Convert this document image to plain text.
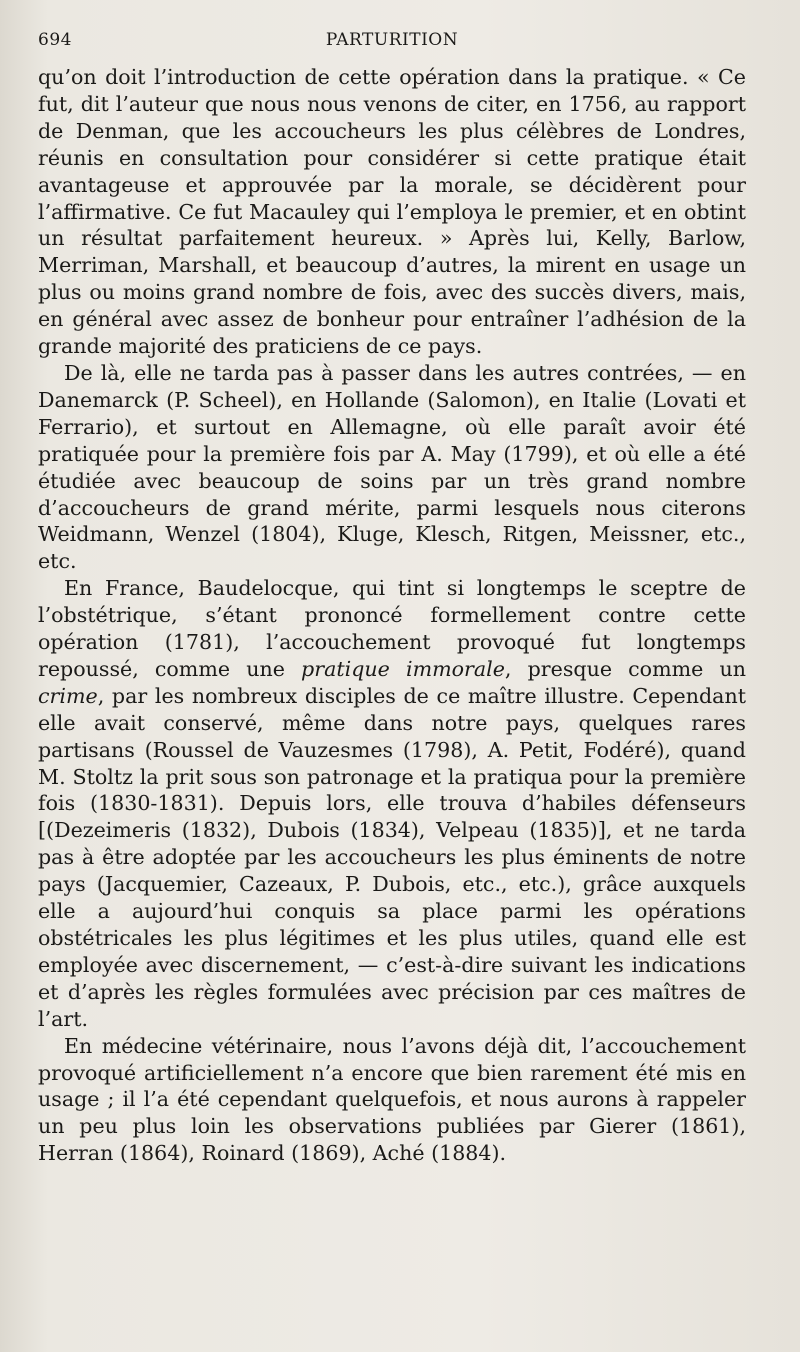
694	PARTURITION

qu’on doit l’introduction de cette opération dans la pratique. « Ce fut, dit l’auteur que nous nous venons de citer, en 1756, au rapport de Denman, que les accoucheurs les plus célèbres de Londres, réunis en consultation pour considérer si cette pratique était avantageuse et approuvée par la morale, se décidèrent pour l’affirmative. Ce fut Macauley qui l’employa le premier, et en obtint un résultat parfaitement heureux. » Après lui, Kelly, Barlow, Merriman, Marshall, et beaucoup d’autres, la mirent en usage un plus ou moins grand nombre de fois, avec des succès divers, mais, en général avec assez de bonheur pour entraîner l’adhésion de la grande majorité des praticiens de ce pays.

De là, elle ne tarda pas à passer dans les autres contrées, — en Danemarck (P. Scheel), en Hollande (Salomon), en Italie (Lovati et Ferrario), et surtout en Allemagne, où elle paraît avoir été pratiquée pour la première fois par A. May (1799), et où elle a été étudiée avec beaucoup de soins par un très grand nombre d’accoucheurs de grand mérite, parmi lesquels nous citerons Weidmann, Wenzel (1804), Kluge, Klesch, Ritgen, Meissner, etc., etc.

En France, Baudelocque, qui tint si longtemps le sceptre de l’obstétrique, s’étant prononcé formellement contre cette opération (1781), l’accouchement provoqué fut longtemps repoussé, comme une pratique immorale, presque comme un crime, par les nombreux disciples de ce maître illustre. Cependant elle avait conservé, même dans notre pays, quelques rares partisans (Roussel de Vauzesmes (1798), A. Petit, Fodéré), quand M. Stoltz la prit sous son patronage et la pratiqua pour la première fois (1830-1831). Depuis lors, elle trouva d’habiles défenseurs [(Dezeimeris (1832), Dubois (1834), Velpeau (1835)], et ne tarda pas à être adoptée par les accoucheurs les plus éminents de notre pays (Jacquemier, Cazeaux, P. Dubois, etc., etc.), grâce auxquels elle a aujourd’hui conquis sa place parmi les opérations obstétricales les plus légitimes et les plus utiles, quand elle est employée avec discernement, — c’est-à-dire suivant les indications et d’après les règles formulées avec précision par ces maîtres de l’art.

En médecine vétérinaire, nous l’avons déjà dit, l’accouchement provoqué artificiellement n’a encore que bien rarement été mis en usage ; il l’a été cependant quelquefois, et nous aurons à rappeler un peu plus loin les observations publiées par Gierer (1861), Herran (1864), Roinard (1869), Aché (1884).
